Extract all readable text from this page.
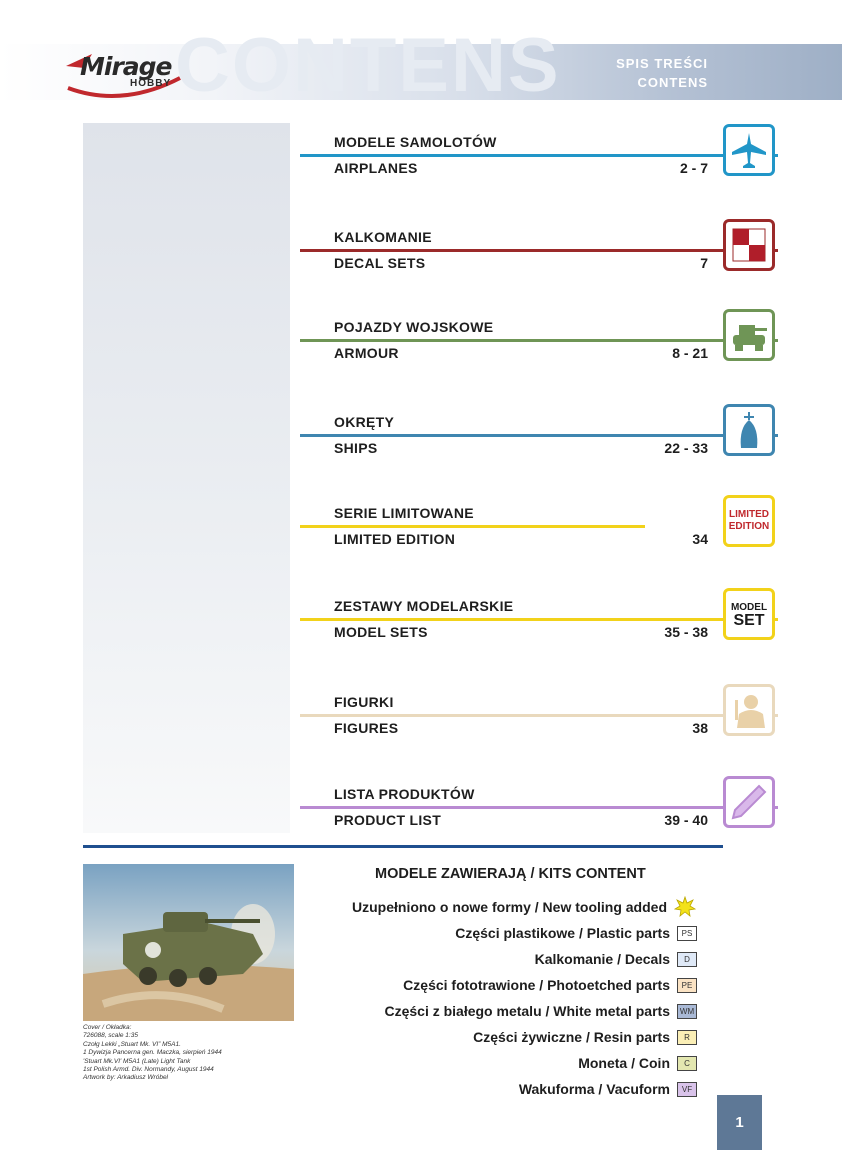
CONTENS
Mirage
HOBBY
SPIS TREŚCI
CONTENS
MODELE SAMOLOTÓW
AIRPLANES	2 - 7
KALKOMANIE
DECAL SETS	7
POJAZDY WOJSKOWE
ARMOUR	8 - 21
OKRĘTY
SHIPS	22 - 33
SERIE LIMITOWANE
LIMITED EDITION	34
LIMITED
EDITION
ZESTAWY MODELARSKIE
MODEL SETS	35 - 38
MODEL
SET
FIGURKI
FIGURES	38
LISTA PRODUKTÓW
PRODUCT LIST	39 - 40
Cover / Okładka:
726088, scale 1:35
Czołg Lekki „Stuart Mk. VI” M5A1.
1 Dywizja Pancerna gen. Maczka, sierpień 1944
'Stuart Mk.VI' M5A1 (Late) Light Tank
1st Polish Armd. Div. Normandy, August 1944
Artwork by: Arkadiusz Wróbel
MODELE ZAWIERAJĄ / KITS CONTENT
Uzupełniono o nowe formy / New tooling added
Części plastikowe / Plastic parts	PS
Kalkomanie / Decals	D
Części fototrawione / Photoetched parts	PE
Części z białego metalu / White metal parts	WM
Części żywiczne / Resin parts	R
Moneta / Coin	C
Wakuforma / Vacuform	VF
1
